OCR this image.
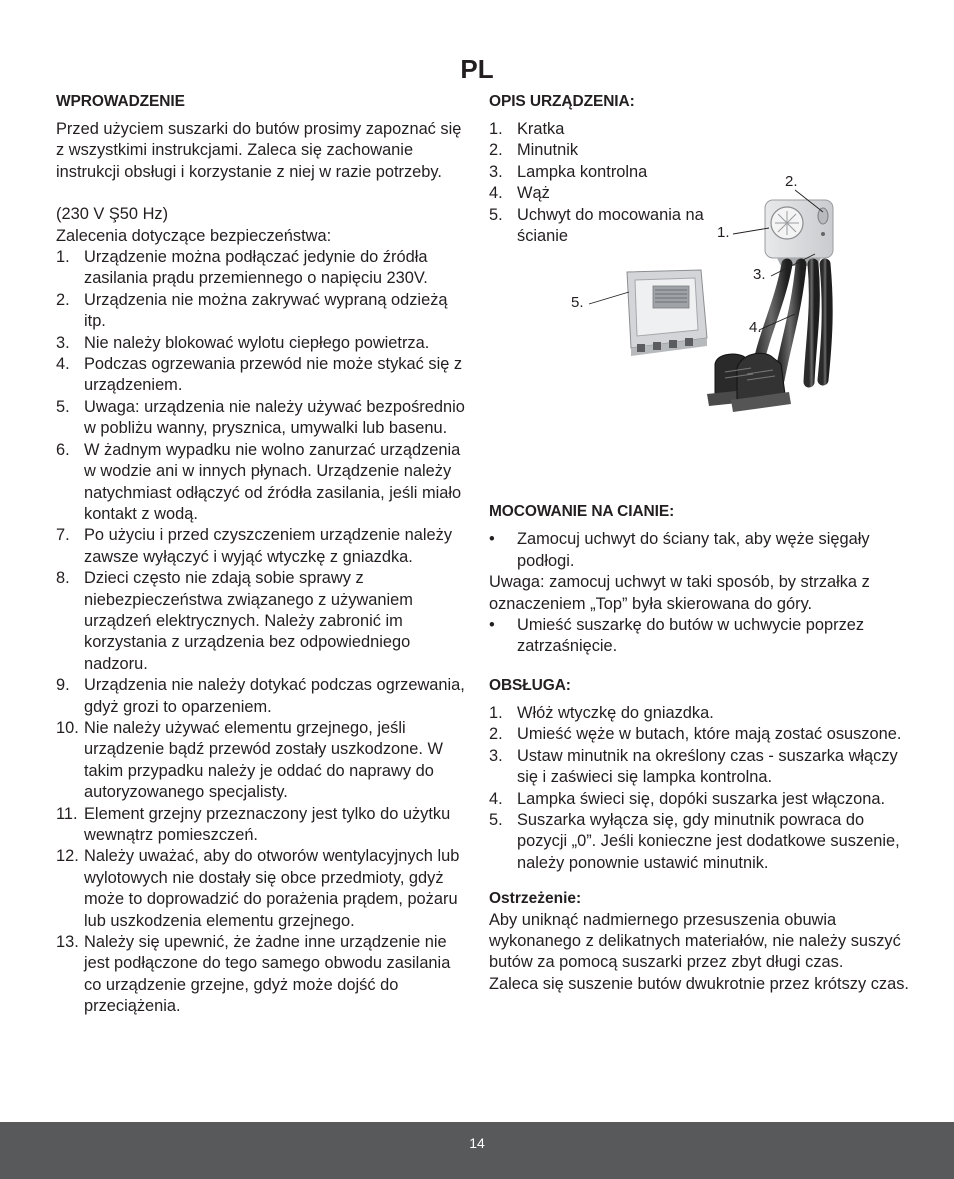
PL
WPROWADZENIE

Przed użyciem suszarki do butów prosimy zapoznać się z wszystkimi instrukcjami. Zaleca się zachowanie instrukcji obsługi i korzystanie z niej w razie potrzeby.

(230 V Ş50 Hz)

Zalecenia dotyczące bezpieczeństwa:

1. Urządzenie można podłączać jedynie do źródła zasilania prądu przemiennego o napięciu 230V.
2. Urządzenia nie można zakrywać wypraną odzieżą itp.
3. Nie należy blokować wylotu ciepłego powietrza.
4. Podczas ogrzewania przewód nie może stykać się z urządzeniem.
5. Uwaga: urządzenia nie należy używać bezpośrednio w pobliżu wanny, prysznica, umywalki lub basenu.
6. W żadnym wypadku nie wolno zanurzać urządzenia w wodzie ani w innych płynach. Urządzenie należy natychmiast odłączyć od źródła zasilania, jeśli miało kontakt z wodą.
7. Po użyciu i przed czyszczeniem urządzenie należy zawsze wyłączyć i wyjąć wtyczkę z gniazdka.
8. Dzieci często nie zdają sobie sprawy z niebezpieczeństwa związanego z używaniem urządzeń elektrycznych. Należy zabronić im korzystania z urządzenia bez odpowiedniego nadzoru.
9. Urządzenia nie należy dotykać podczas ogrzewania, gdyż grozi to oparzeniem.
10. Nie należy używać elementu grzejnego, jeśli urządzenie bądź przewód zostały uszkodzone. W takim przypadku należy je oddać do naprawy do autoryzowanego specjalisty.
11. Element grzejny przeznaczony jest tylko do użytku wewnątrz pomieszczeń.
12. Należy uważać, aby do otworów wentylacyjnych lub wylotowych nie dostały się obce przedmioty, gdyż może to doprowadzić do porażenia prądem, pożaru lub uszkodzenia elementu grzejnego.
13. Należy się upewnić, że żadne inne urządzenie nie jest podłączone do tego samego obwodu zasilania co urządzenie grzejne, gdyż może dojść do przeciążenia.
OPIS URZĄDZENIA:
1. Kratka
2. Minutnik
3. Lampka kontrolna
4. Wąż
5. Uchwyt do mocowania na ścianie
MOCOWANIE NA CIANIE:
• Zamocuj uchwyt do ściany tak, aby węże sięgały podłogi.

Uwaga: zamocuj uchwyt w taki sposób, by strzałka z oznaczeniem „Top” była skierowana do góry.

• Umieść suszarkę do butów w uchwycie poprzez zatrzaśnięcie.
OBSŁUGA:
1. Włóż wtyczkę do gniazdka.
2. Umieść węże w butach, które mają zostać osuszone.
3. Ustaw minutnik na określony czas ‑ suszarka włączy się i zaświeci się lampka kontrolna.
4. Lampka świeci się, dopóki suszarka jest włączona.
5. Suszarka wyłącza się, gdy minutnik powraca do pozycji „0”. Jeśli konieczne jest dodatkowe suszenie, należy ponownie ustawić minutnik.

Ostrzeżenie:

Aby uniknąć nadmiernego przesuszenia obuwia wykonanego z delikatnych materiałów, nie należy suszyć butów za pomocą suszarki przez zbyt długi czas.

Zaleca się suszenie butów dwukrotnie przez krótszy czas.

1.
2.
3.
4.
5.
14
